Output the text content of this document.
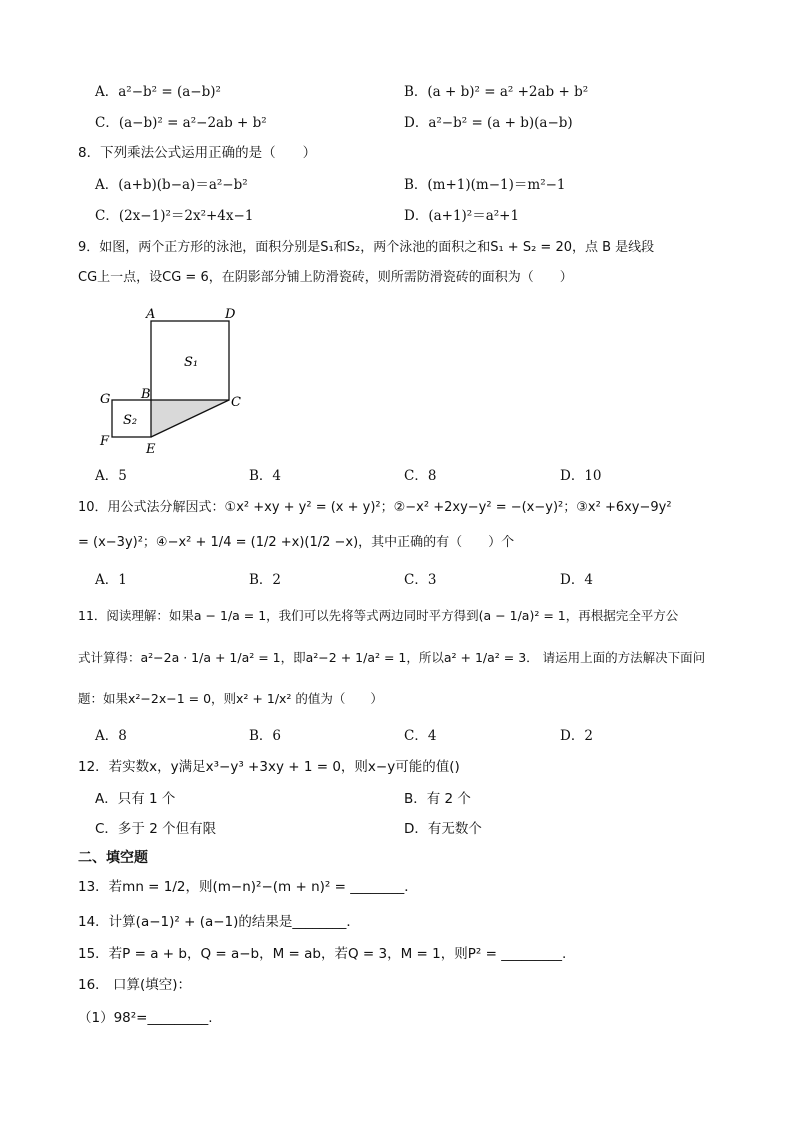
A．a²−b² = (a−b)²	B．(a + b)² = a² +2ab + b²
C．(a−b)² = a²−2ab + b²	D．a²−b² = (a + b)(a−b)
8．下列乘法公式运用正确的是（　　）
A．(a+b)(b−a)＝a²−b²	B．(m+1)(m−1)＝m²−1
C．(2x−1)²＝2x²+4x−1	D．(a+1)²＝a²+1
9．如图，两个正方形的泳池，面积分别是S₁和S₂，两个泳池的面积之和S₁ + S₂ = 20，点 B 是线段
CG上一点，设CG = 6，在阴影部分铺上防滑瓷砖，则所需防滑瓷砖的面积为（　　）
A	D
B
C
G
F
E
S₁
S₂
A．5	B．4	C．8	D．10
10．用公式法分解因式：①x² +xy + y² = (x + y)²；②−x² +2xy−y² = −(x−y)²；③x² +6xy−9y²
= (x−3y)²；④−x² + 1/4 = (1/2 +x)(1/2 −x)，其中正确的有（　　）个
A．1	B．2	C．3	D．4
11．阅读理解：如果a − 1/a = 1，我们可以先将等式两边同时平方得到(a − 1/a)² = 1，再根据完全平方公
式计算得：a²−2a · 1/a + 1/a² = 1，即a²−2 + 1/a² = 1，所以a² + 1/a² = 3． 请运用上面的方法解决下面问
题：如果x²−2x−1 = 0，则x² + 1/x² 的值为（　　）
A．8	B．6	C．4	D．2
12．若实数x，y满足x³−y³ +3xy + 1 = 0，则x−y可能的值()
A．只有 1 个	B．有 2 个
C．多于 2 个但有限	D．有无数个
二、填空题
13．若mn = 1/2，则(m−n)²−(m + n)² = ________．
14．计算(a−1)² + (a−1)的结果是________．
15．若P = a + b，Q = a−b，M = ab，若Q = 3，M = 1，则P² = _________.
16． 口算(填空)：
（1）98²=_________.
